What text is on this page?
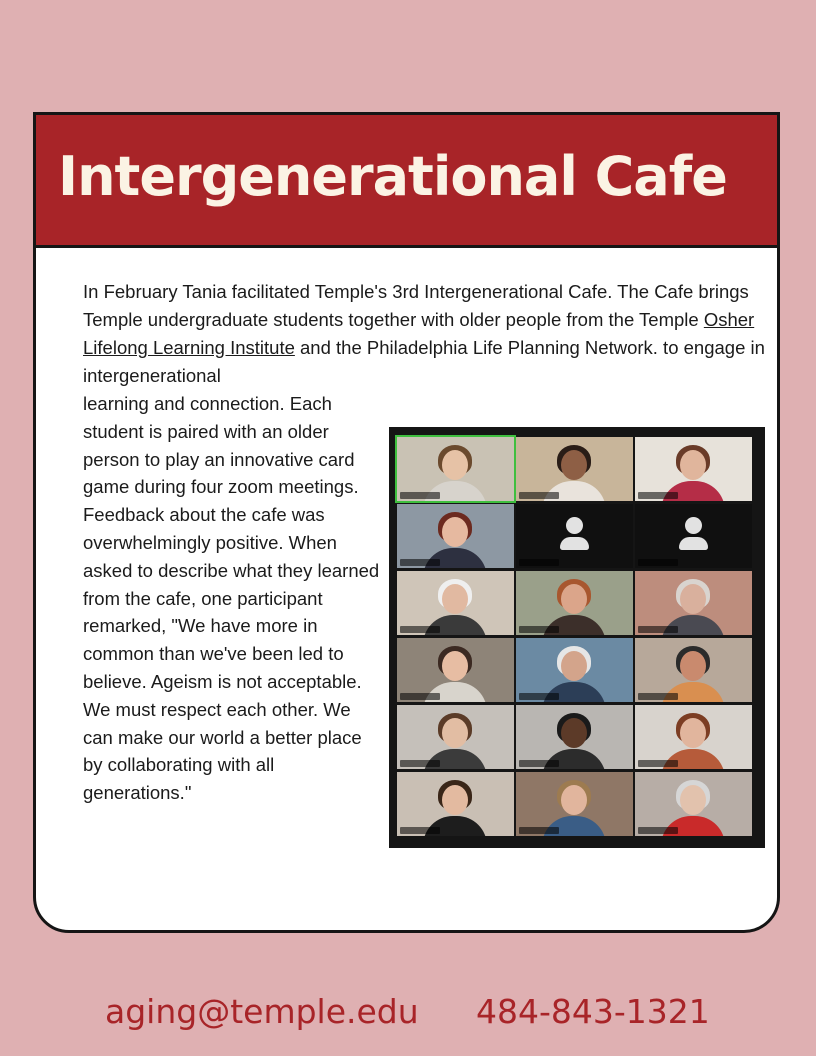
Intergenerational Cafe

In February Tania facilitated Temple's 3rd Intergenerational Cafe. The Cafe brings Temple undergraduate students together with older people from the Temple Osher Lifelong Learning Institute and the Philadelphia Life Planning Network. to engage in intergenerational

learning and connection. Each student is paired with an older person to play an innovative card game during four zoom meetings. Feedback about the cafe was overwhelmingly positive. When asked to describe what they learned from the cafe, one participant remarked, "We have more in common than we've been led to believe. Ageism is not acceptable. We must respect each other. We can make our world a better place by collaborating with all generations."

aging@temple.edu 484-843-1321
